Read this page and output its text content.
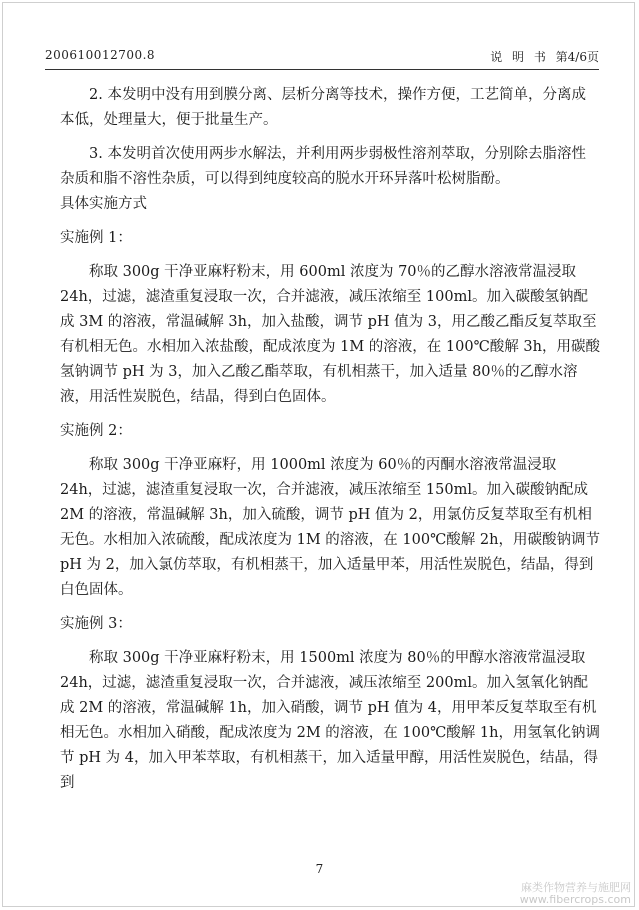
200610012700.8	说 明 书 第4/6页

2. 本发明中没有用到膜分离、层析分离等技术，操作方便，工艺简单，分离成本低，处理量大，便于批量生产。

3. 本发明首次使用两步水解法，并利用两步弱极性溶剂萃取，分别除去脂溶性杂质和脂不溶性杂质，可以得到纯度较高的脱水开环异落叶松树脂酚。

具体实施方式

实施例 1：

称取 300g 干净亚麻籽粉末，用 600ml 浓度为 70％的乙醇水溶液常温浸取 24h，过滤，滤渣重复浸取一次，合并滤液，减压浓缩至 100ml。加入碳酸氢钠配成 3M 的溶液，常温碱解 3h，加入盐酸，调节 pH 值为 3，用乙酸乙酯反复萃取至有机相无色。水相加入浓盐酸，配成浓度为 1M 的溶液，在 100℃酸解 3h，用碳酸氢钠调节 pH 为 3，加入乙酸乙酯萃取，有机相蒸干，加入适量 80％的乙醇水溶液，用活性炭脱色，结晶，得到白色固体。

实施例 2：

称取 300g 干净亚麻籽，用 1000ml 浓度为 60％的丙酮水溶液常温浸取 24h，过滤，滤渣重复浸取一次，合并滤液，减压浓缩至 150ml。加入碳酸钠配成 2M 的溶液，常温碱解 3h，加入硫酸，调节 pH 值为 2，用氯仿反复萃取至有机相无色。水相加入浓硫酸，配成浓度为 1M 的溶液，在 100℃酸解 2h，用碳酸钠调节 pH 为 2，加入氯仿萃取，有机相蒸干，加入适量甲苯，用活性炭脱色，结晶，得到白色固体。

实施例 3：

称取 300g 干净亚麻籽粉末，用 1500ml 浓度为 80％的甲醇水溶液常温浸取 24h，过滤，滤渣重复浸取一次，合并滤液，减压浓缩至 200ml。加入氢氧化钠配成 2M 的溶液，常温碱解 1h，加入硝酸，调节 pH 值为 4，用甲苯反复萃取至有机相无色。水相加入硝酸，配成浓度为 2M 的溶液，在 100℃酸解 1h，用氢氧化钠调节 pH 为 4，加入甲苯萃取，有机相蒸干，加入适量甲醇，用活性炭脱色，结晶，得到

7
麻类作物营养与施肥网
www.fibercrops.com
